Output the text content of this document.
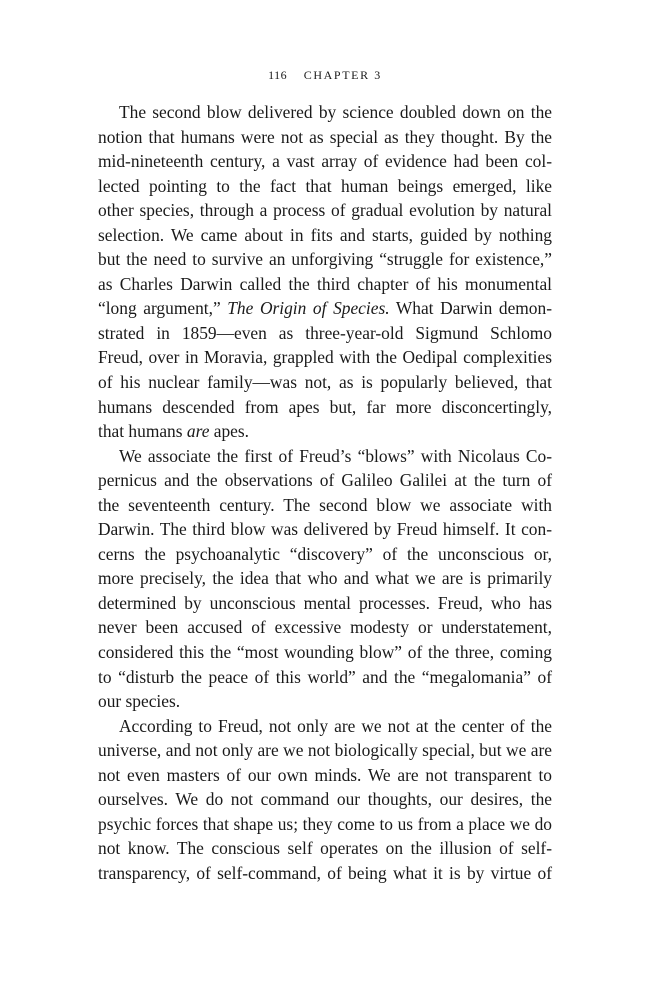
116 CHAPTER 3
The second blow delivered by science doubled down on the
notion that humans were not as special as they thought. By the
mid-nineteenth century, a vast array of evidence had been col-
lected pointing to the fact that human beings emerged, like
other species, through a process of gradual evolution by natural
selection. We came about in fits and starts, guided by nothing
but the need to survive an unforgiving “struggle for existence,”
as Charles Darwin called the third chapter of his monumental
“long argument,” The Origin of Species. What Darwin demon-
strated in 1859—even as three-year-old Sigmund Schlomo
Freud, over in Moravia, grappled with the Oedipal complexities
of his nuclear family—was not, as is popularly believed, that
humans descended from apes but, far more disconcertingly,
that humans are apes.
We associate the first of Freud’s “blows” with Nicolaus Co-
pernicus and the observations of Galileo Galilei at the turn of
the seventeenth century. The second blow we associate with
Darwin. The third blow was delivered by Freud himself. It con-
cerns the psychoanalytic “discovery” of the unconscious or,
more precisely, the idea that who and what we are is primarily
determined by unconscious mental processes. Freud, who has
never been accused of excessive modesty or understatement,
considered this the “most wounding blow” of the three, coming
to “disturb the peace of this world” and the “megalomania” of
our species.
According to Freud, not only are we not at the center of the
universe, and not only are we not biologically special, but we are
not even masters of our own minds. We are not transparent to
ourselves. We do not command our thoughts, our desires, the
psychic forces that shape us; they come to us from a place we do
not know. The conscious self operates on the illusion of self-
transparency, of self-command, of being what it is by virtue of
